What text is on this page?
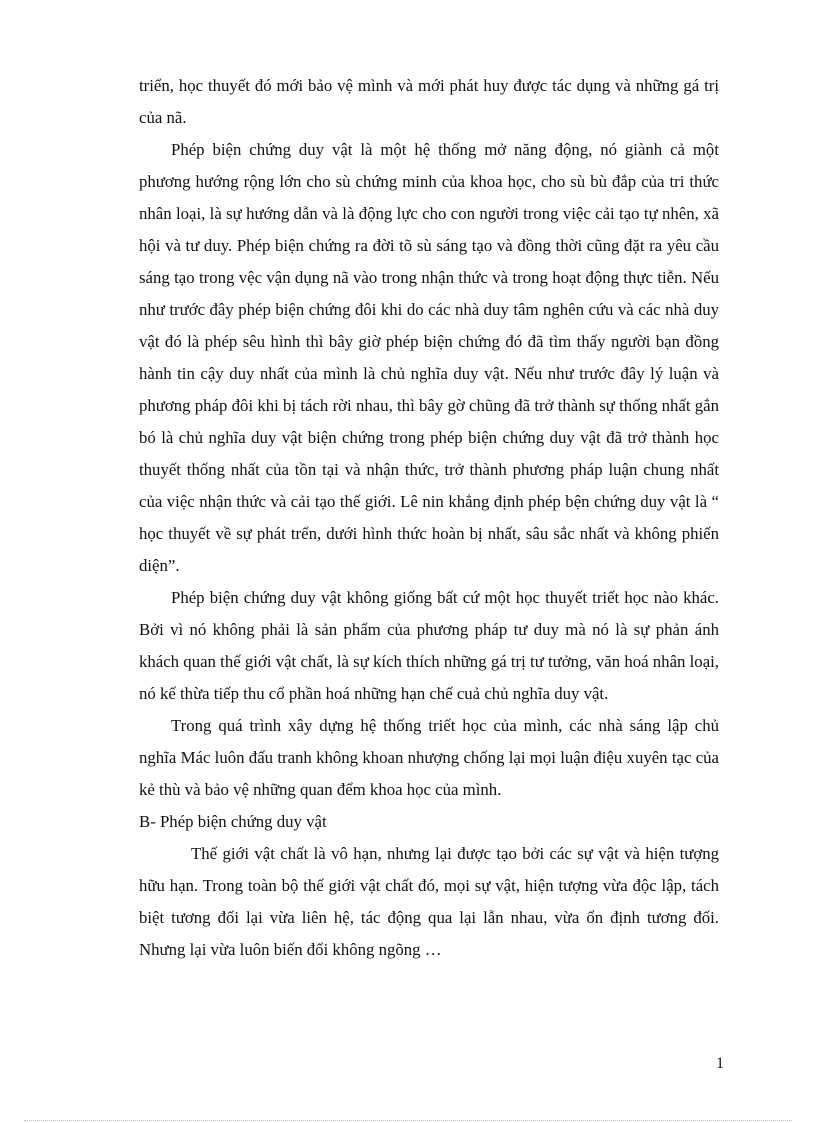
triển, học thuyết đó mới bảo vệ mình và mới phát huy được tác dụng và những gá trị của nã.

Phép biện chứng duy vật là một hệ thống mở năng động, nó giành cả một phương hướng rộng lớn cho sù chứng minh của khoa học, cho sù bù đắp của tri thức nhân loại, là sự hướng dẫn và là động lực cho con người trong việc cải tạo tự nhên, xã hội và tư duy. Phép biện chứng ra đời tõ sù sáng tạo và đồng thời cũng đặt ra yêu cầu sáng tạo trong vệc vận dụng nã vào trong nhận thức và trong hoạt động thực tiễn. Nếu như trước đây phép biện chứng đôi khi do các nhà duy tâm nghên cứu và các nhà duy vật đó là phép sêu hình thì bây giờ phép biện chứng đó đã tìm thấy người bạn đồng hành tin cậy duy nhất của mình là chủ nghĩa duy vật. Nếu như trước đây lý luận và phương pháp đôi khi bị tách rời nhau, thì bây gờ chũng đã trở thành sự thống nhất gắn bó là chủ nghĩa duy vật biện chứng trong phép biện chứng duy vật đã trở thành học thuyết thống nhất của tồn tại và nhận thức, trở thành phương pháp luận chung nhất của việc nhận thức và cải tạo thế giới. Lê nin khẳng định phép bện chứng duy vật là “ học thuyết về sự phát trển, dưới hình thức hoàn bị nhất, sâu sắc nhất và không phiến diện”.

Phép biện chứng duy vật không giống bất cứ một học thuyết triết học nào khác. Bởi vì nó không phải là sản phẩm của phương pháp tư duy mà nó là sự phản ánh khách quan thế giới vật chất, là sự kích thích những gá trị tư tưởng, văn hoá nhân loại, nó kế thừa tiếp thu cổ phần hoá những hạn chế cuả chủ nghĩa duy vật.

Trong quá trình xây dựng hệ thống triết học của mình, các nhà sáng lập chủ nghĩa Mác luôn đấu tranh không khoan nhượng chống lại mọi luận điệu xuyên tạc của kẻ thù và bảo vệ những quan đểm khoa học của mình.

B- Phép biện chứng duy vật

Thế giới vật chất là vô hạn, nhưng lại được tạo bởi các sự vật và hiện tượng hữu hạn. Trong toàn bộ thế giới vật chất đó, mọi sự vật, hiện tượng vừa độc lập, tách biệt tương đối lại vừa liên hệ, tác động qua lại lẫn nhau, vừa ổn định tương đối. Nhưng lại vừa luôn biến đổi không ngõng …

1
